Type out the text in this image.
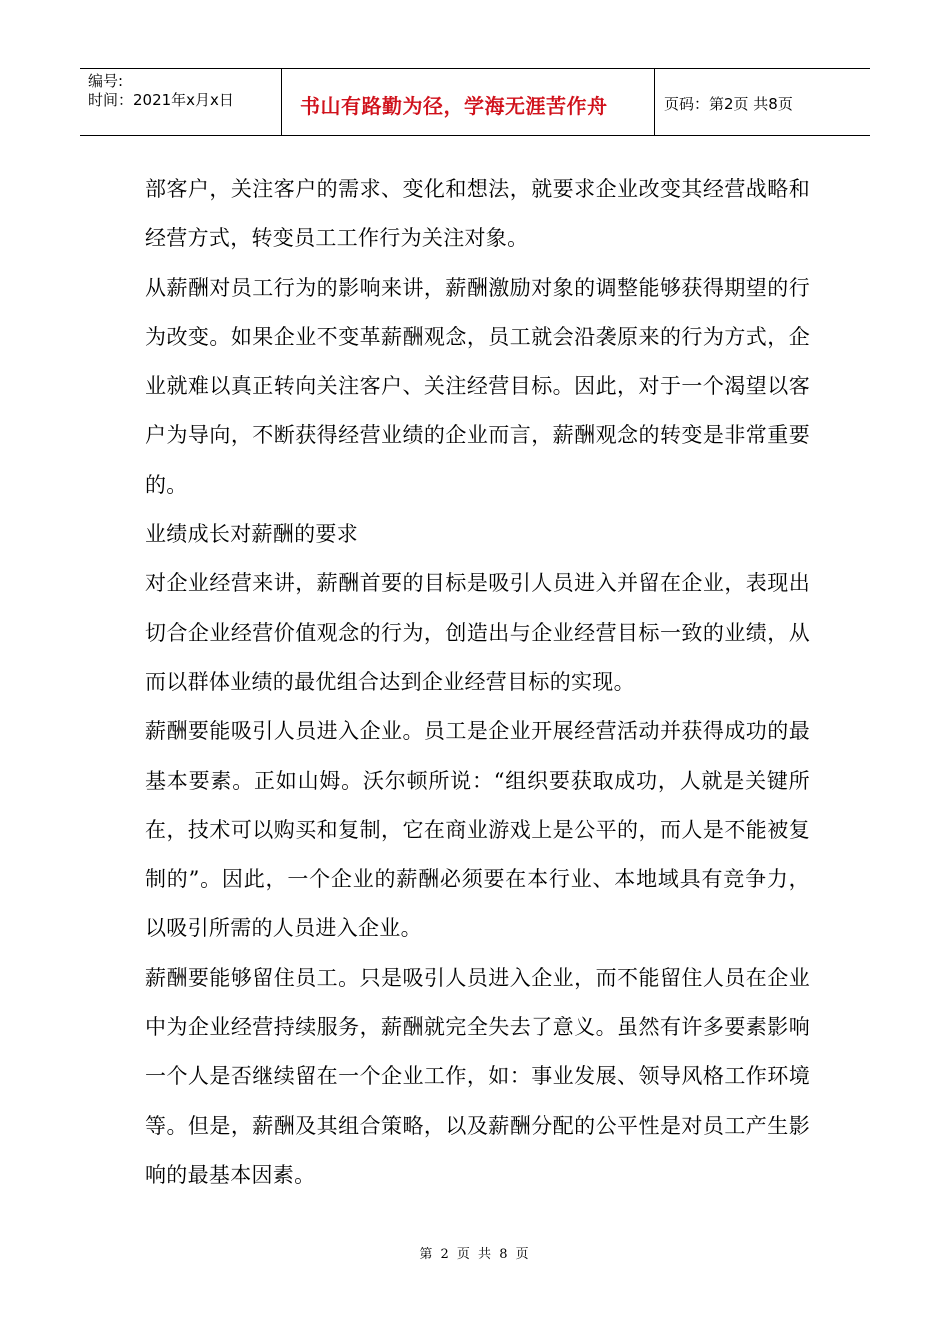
编号:
时间：2021年x月x日	书山有路勤为径，学海无涯苦作舟	页码：第2页 共8页

部客户，关注客户的需求、变化和想法，就要求企业改变其经营战略和经营方式，转变员工工作行为关注对象。

从薪酬对员工行为的影响来讲，薪酬激励对象的调整能够获得期望的行为改变。如果企业不变革薪酬观念，员工就会沿袭原来的行为方式，企业就难以真正转向关注客户、关注经营目标。因此，对于一个渴望以客户为导向，不断获得经营业绩的企业而言，薪酬观念的转变是非常重要的。

业绩成长对薪酬的要求

对企业经营来讲，薪酬首要的目标是吸引人员进入并留在企业，表现出切合企业经营价值观念的行为，创造出与企业经营目标一致的业绩，从而以群体业绩的最优组合达到企业经营目标的实现。

薪酬要能吸引人员进入企业。员工是企业开展经营活动并获得成功的最基本要素。正如山姆。沃尔顿所说：“组织要获取成功，人就是关键所在，技术可以购买和复制，它在商业游戏上是公平的，而人是不能被复制的”。因此，一个企业的薪酬必须要在本行业、本地域具有竞争力，以吸引所需的人员进入企业。

薪酬要能够留住员工。只是吸引人员进入企业，而不能留住人员在企业中为企业经营持续服务，薪酬就完全失去了意义。虽然有许多要素影响一个人是否继续留在一个企业工作，如：事业发展、领导风格工作环境等。但是，薪酬及其组合策略，以及薪酬分配的公平性是对员工产生影响的最基本因素。

第 2 页 共 8 页
